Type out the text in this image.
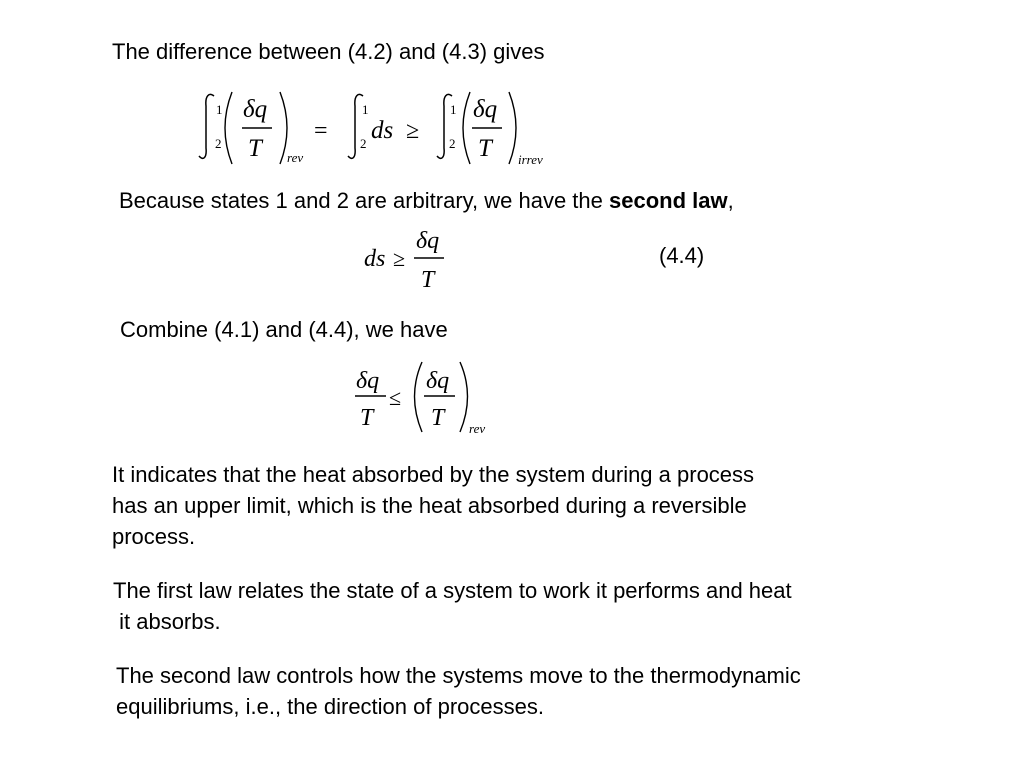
The difference between (4.2) and (4.3) gives

1
2
δq
T rev
=
1
2 ds ≥
1
2
δq
T irrev

Because states 1 and 2 are arbitrary, we have the second law,

ds ≥
δq
T
(4.4)

Combine (4.1) and (4.4), we have

δq
T
≤
δq
T rev
It indicates that the heat absorbed by the system during a process
has an upper limit, which is the heat absorbed during a reversible
process.
The first law relates the state of a system to work it performs and heat
it absorbs.
The second law controls how the systems move to the thermodynamic
equilibriums, i.e., the direction of processes.
